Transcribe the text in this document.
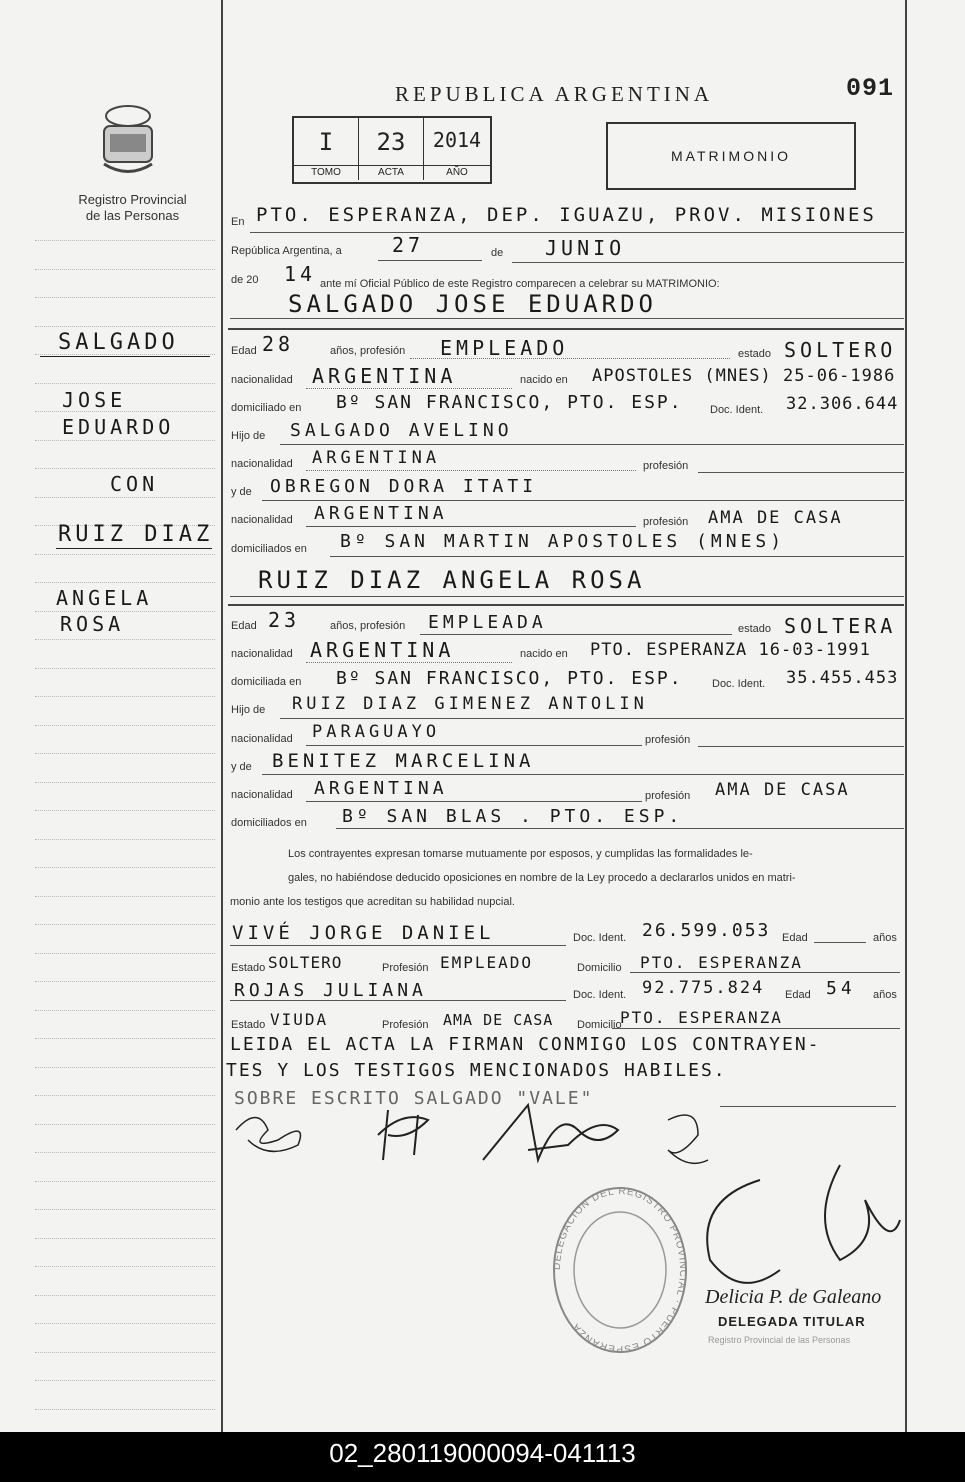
Registro Provincial
de las Personas
SALGADO
JOSE
EDUARDO
CON
RUIZ DIAZ
ANGELA
ROSA
REPUBLICA ARGENTINA	091
I
TOMO
23
ACTA
2014
AÑO
MATRIMONIO
En PTO. ESPERANZA, DEP. IGUAZU, PROV. MISIONES
República Argentina, a	27	de JUNIO
de 20 14 ante mí Oficial Público de este Registro comparecen a celebrar su MATRIMONIO:
SALGADO JOSE EDUARDO
Edad 28	años, profesión EMPLEADO	estado SOLTERO
nacionalidad ARGENTINA	nacido en APOSTOLES (MNES) 25-06-1986
domiciliado en Bº SAN FRANCISCO, PTO. ESP. Doc. Ident. 32.306.644
Hijo de SALGADO AVELINO
nacionalidad ARGENTINA	profesión
y de OBREGON DORA ITATI
nacionalidad ARGENTINA	profesión AMA DE CASA
domiciliados en Bº SAN MARTIN APOSTOLES (MNES)
RUIZ DIAZ ANGELA ROSA
Edad 23	años, profesión EMPLEADA	estado SOLTERA
nacionalidad ARGENTINA	nacido en PTO. ESPERANZA 16-03-1991
domiciliada en Bº SAN FRANCISCO, PTO. ESP.	Doc. Ident. 35.455.453
Hijo de RUIZ DIAZ GIMENEZ ANTOLIN
nacionalidad PARAGUAYO	profesión
y de BENITEZ MARCELINA
nacionalidad ARGENTINA	profesión AMA DE CASA
domiciliados en Bº SAN BLAS . PTO. ESP.
Los contrayentes expresan tomarse mutuamente por esposos, y cumplidas las formalidades le-
gales, no habiéndose deducido oposiciones en nombre de la Ley procedo a declararlos unidos en matri-
monio ante los testigos que acreditan su habilidad nupcial.
VIVÉ JORGE DANIEL	Doc. Ident. 26.599.053 Edad	años
Estado SOLTERO	Profesión EMPLEADO	Domicilio PTO. ESPERANZA
ROJAS JULIANA	Doc. Ident. 92.775.824 Edad 54 años
Estado VIUDA	Profesión AMA DE CASA Domicilio
PTO. ESPERANZA
LEIDA EL ACTA LA FIRMAN CONMIGO LOS CONTRAYEN-
TES Y LOS TESTIGOS MENCIONADOS HABILES.
SOBRE ESCRITO SALGADO "VALE"
DELEGACION DEL REGISTRO PROVINCIAL · PUERTO ESPERANZA
Delicia P. de Galeano
DELEGADA TITULAR
Registro Provincial de las Personas
02_280119000094-041113
